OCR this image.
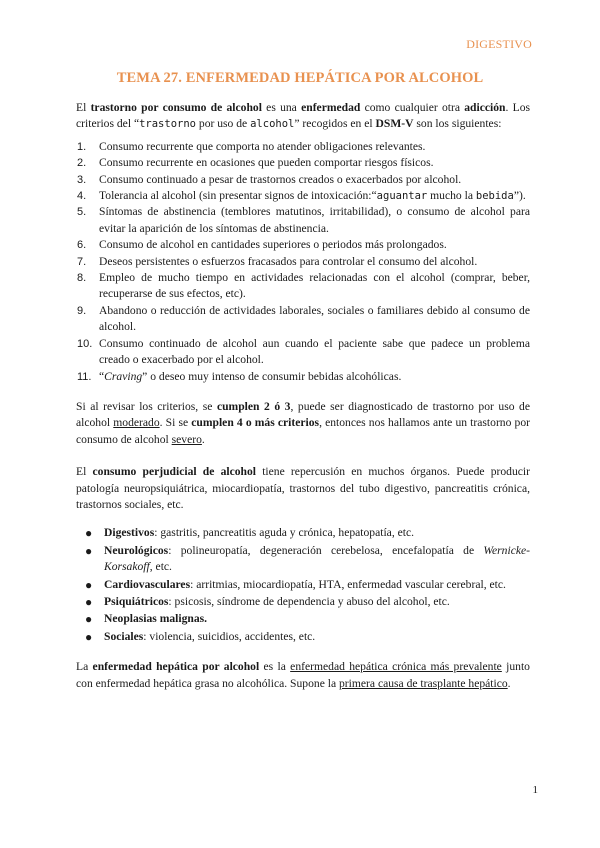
DIGESTIVO
TEMA 27. ENFERMEDAD HEPÁTICA POR ALCOHOL

El trastorno por consumo de alcohol es una enfermedad como cualquier otra adicción. Los criterios del “trastorno por uso de alcohol” recogidos en el DSM-V son los siguientes:

1. Consumo recurrente que comporta no atender obligaciones relevantes.
2. Consumo recurrente en ocasiones que pueden comportar riesgos físicos.
3. Consumo continuado a pesar de trastornos creados o exacerbados por alcohol.
4. Tolerancia al alcohol (sin presentar signos de intoxicación:“aguantar mucho la bebida”).
5. Síntomas de abstinencia (temblores matutinos, irritabilidad), o consumo de alcohol para evitar la aparición de los síntomas de abstinencia.
6. Consumo de alcohol en cantidades superiores o periodos más prolongados.
7. Deseos persistentes o esfuerzos fracasados para controlar el consumo del alcohol.
8. Empleo de mucho tiempo en actividades relacionadas con el alcohol (comprar, beber, recuperarse de sus efectos, etc).
9. Abandono o reducción de actividades laborales, sociales o familiares debido al consumo de alcohol.
10. Consumo continuado de alcohol aun cuando el paciente sabe que padece un problema creado o exacerbado por el alcohol.
11. “Craving” o deseo muy intenso de consumir bebidas alcohólicas.

Si al revisar los criterios, se cumplen 2 ó 3, puede ser diagnosticado de trastorno por uso de alcohol moderado. Si se cumplen 4 o más criterios, entonces nos hallamos ante un trastorno por consumo de alcohol severo.

El consumo perjudicial de alcohol tiene repercusión en muchos órganos. Puede producir patología neuropsiquiátrica, miocardiopatía, trastornos del tubo digestivo, pancreatitis crónica, trastornos sociales, etc.

● Digestivos: gastritis, pancreatitis aguda y crónica, hepatopatía, etc.
● Neurológicos: polineuropatía, degeneración cerebelosa, encefalopatía de Wernicke-Korsakoff, etc.
● Cardiovasculares: arritmias, miocardiopatía, HTA, enfermedad vascular cerebral, etc.
● Psiquiátricos: psicosis, síndrome de dependencia y abuso del alcohol, etc.
● Neoplasias malignas.
● Sociales: violencia, suicidios, accidentes, etc.

La enfermedad hepática por alcohol es la enfermedad hepática crónica más prevalente junto con enfermedad hepática grasa no alcohólica. Supone la primera causa de trasplante hepático.

1
